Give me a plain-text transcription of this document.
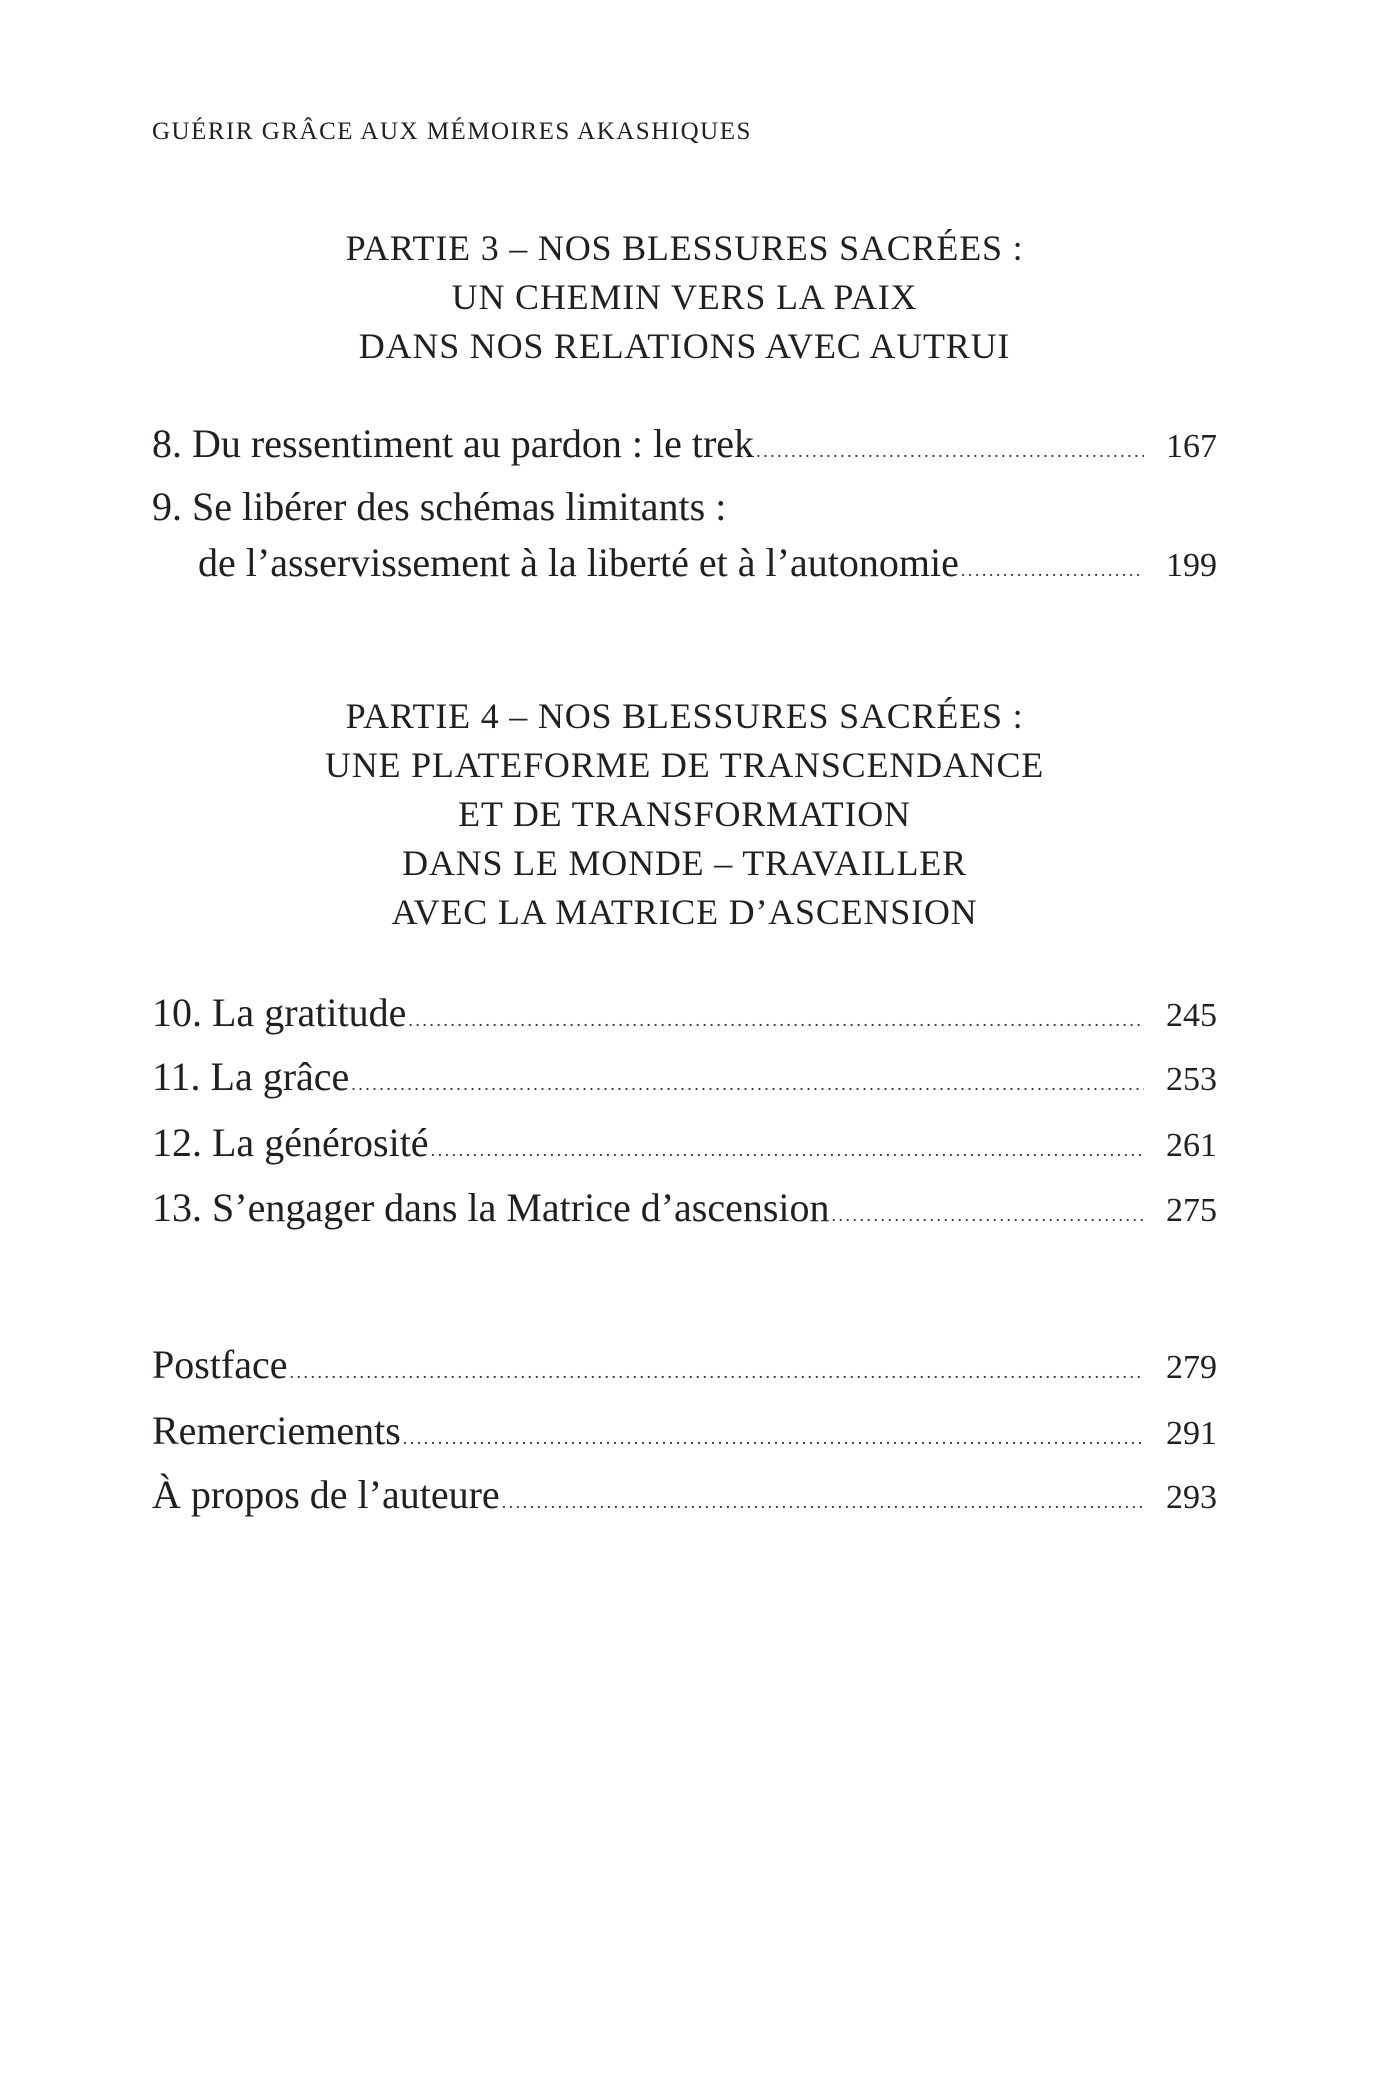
GUÉRIR GRÂCE AUX MÉMOIRES AKASHIQUES
PARTIE 3 – NOS BLESSURES SACRÉES :
UN CHEMIN VERS LA PAIX
DANS NOS RELATIONS AVEC AUTRUI
8. Du ressentiment au pardon : le trek . . .	167
9. Se libérer des schémas limitants :
de l’asservissement à la liberté et à l’autonomie . . .	199
PARTIE 4 – NOS BLESSURES SACRÉES :
UNE PLATEFORME DE TRANSCENDANCE
ET DE TRANSFORMATION
DANS LE MONDE – TRAVAILLER
AVEC LA MATRICE D’ASCENSION
10. La gratitude . . .	245
11. La grâce . . .	253
12. La générosité . . .	261
13. S’engager dans la Matrice d’ascension . . .	275
Postface . . .	279
Remerciements . . .	291
À propos de l’auteure . . .	293
